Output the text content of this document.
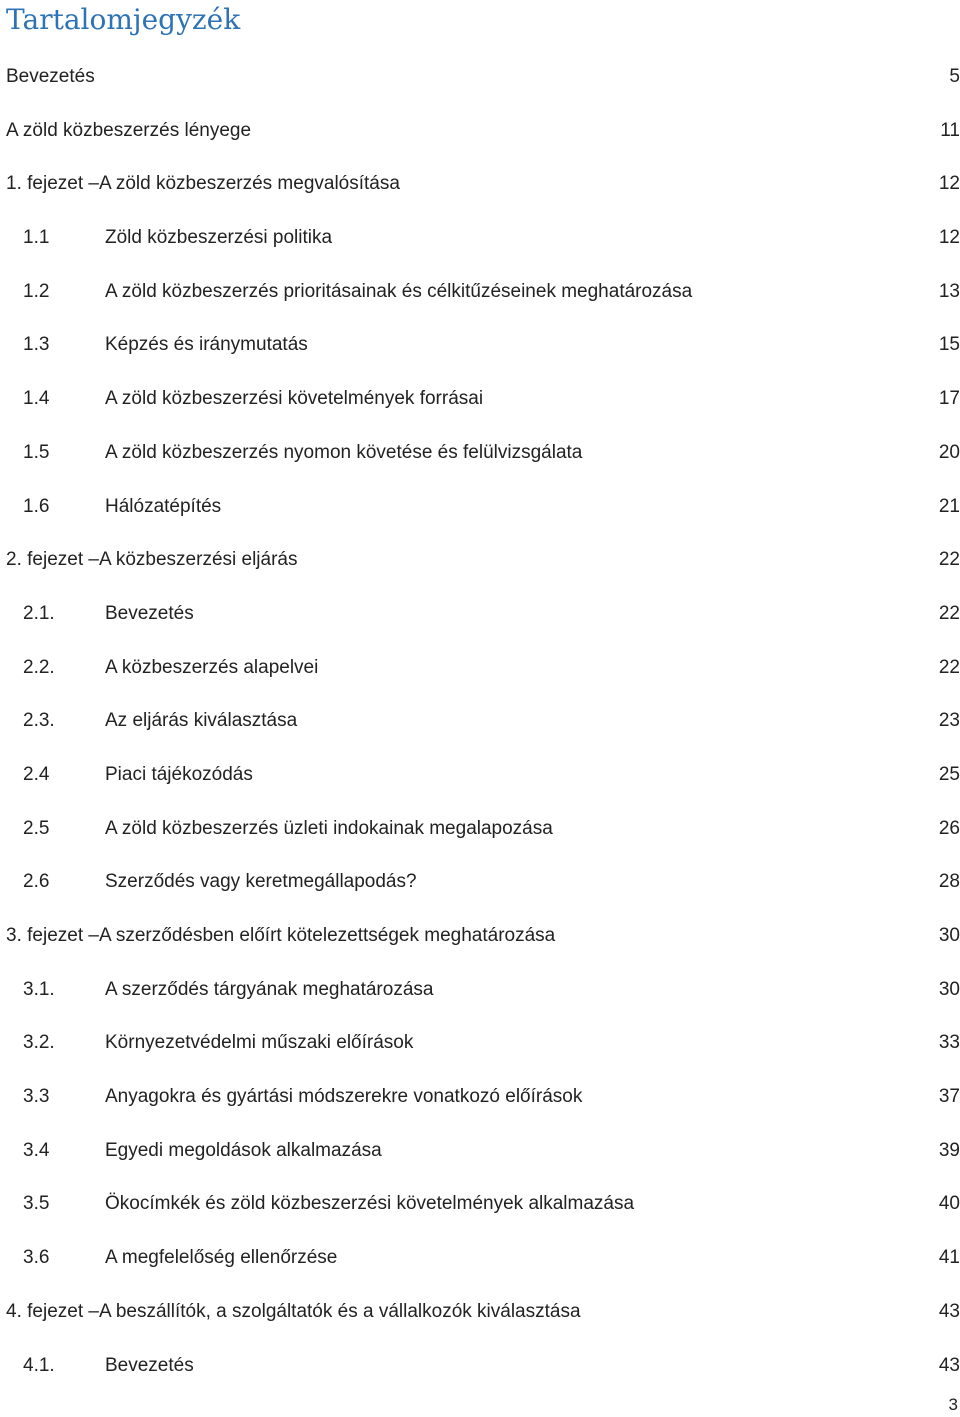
Tartalomjegyzék
Bevezetés	5
A zöld közbeszerzés lényege	11
1. fejezet – A zöld közbeszerzés megvalósítása	12
1.1	Zöld közbeszerzési politika	12
1.2	A zöld közbeszerzés prioritásainak és célkitűzéseinek meghatározása	13
1.3	Képzés és iránymutatás	15
1.4	A zöld közbeszerzési követelmények forrásai	17
1.5	A zöld közbeszerzés nyomon követése és felülvizsgálata	20
1.6	Hálózatépítés	21
2. fejezet – A közbeszerzési eljárás	22
2.1.	Bevezetés	22
2.2.	A közbeszerzés alapelvei	22
2.3.	Az eljárás kiválasztása	23
2.4	Piaci tájékozódás	25
2.5	A zöld közbeszerzés üzleti indokainak megalapozása	26
2.6	Szerződés vagy keretmegállapodás?	28
3. fejezet – A szerződésben előírt kötelezettségek meghatározása	30
3.1.	A szerződés tárgyának meghatározása	30
3.2.	Környezetvédelmi műszaki előírások	33
3.3	Anyagokra és gyártási módszerekre vonatkozó előírások	37
3.4	Egyedi megoldások alkalmazása	39
3.5	Ökocímkék és zöld közbeszerzési követelmények alkalmazása	40
3.6	A megfelelőség ellenőrzése	41
4. fejezet – A beszállítók, a szolgáltatók és a vállalkozók kiválasztása	43
4.1.	Bevezetés	43
3
